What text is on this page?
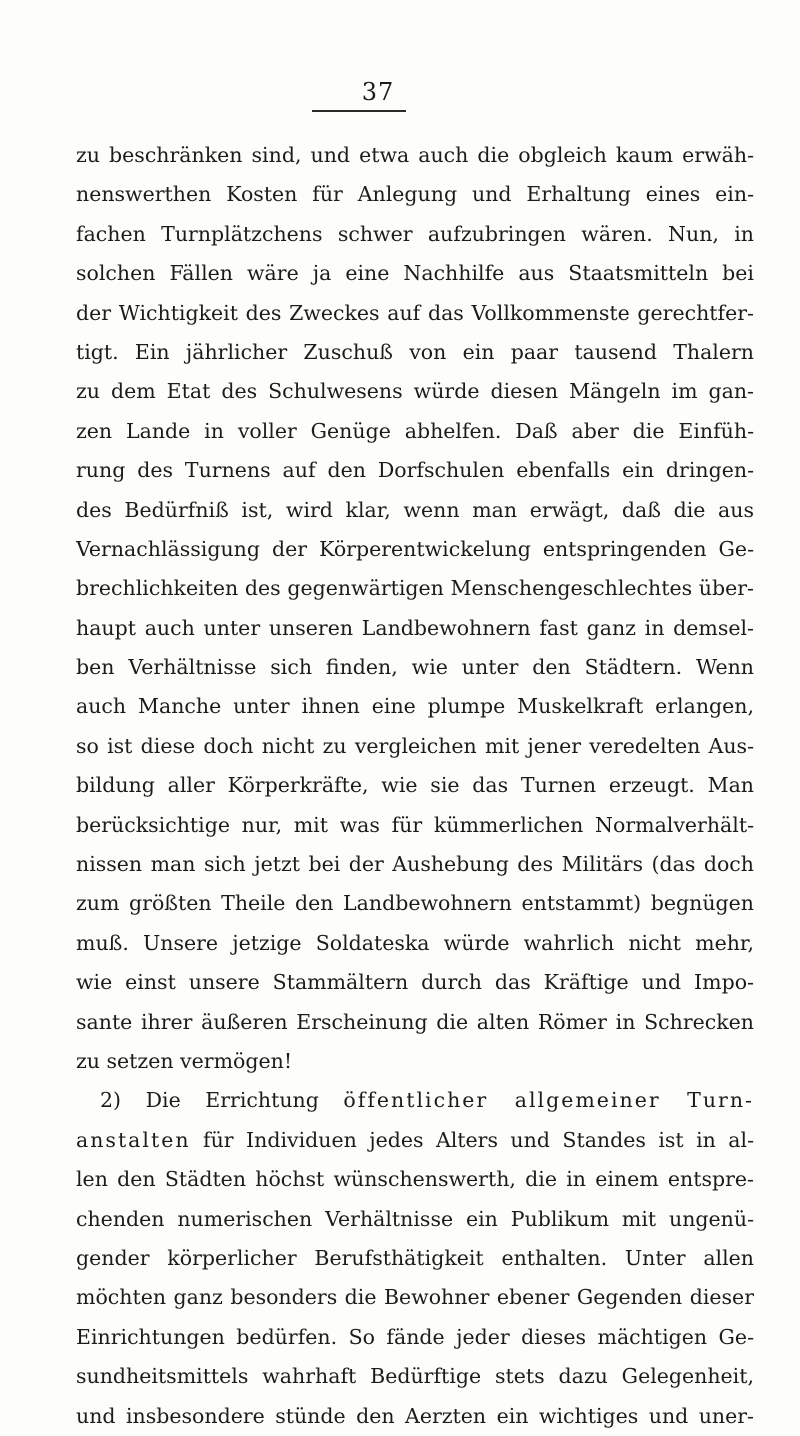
37
zu beschränken sind, und etwa auch die obgleich kaum erwäh-
nenswerthen Kosten für Anlegung und Erhaltung eines ein-
fachen Turnplätzchens schwer aufzubringen wären. Nun, in
solchen Fällen wäre ja eine Nachhilfe aus Staatsmitteln bei
der Wichtigkeit des Zweckes auf das Vollkommenste gerechtfer-
tigt. Ein jährlicher Zuschuß von ein paar tausend Thalern
zu dem Etat des Schulwesens würde diesen Mängeln im gan-
zen Lande in voller Genüge abhelfen. Daß aber die Einfüh-
rung des Turnens auf den Dorfschulen ebenfalls ein dringen-
des Bedürfniß ist, wird klar, wenn man erwägt, daß die aus
Vernachlässigung der Körperentwickelung entspringenden Ge-
brechlichkeiten des gegenwärtigen Menschengeschlechtes über-
haupt auch unter unseren Landbewohnern fast ganz in demsel-
ben Verhältnisse sich finden, wie unter den Städtern. Wenn
auch Manche unter ihnen eine plumpe Muskelkraft erlangen,
so ist diese doch nicht zu vergleichen mit jener veredelten Aus-
bildung aller Körperkräfte, wie sie das Turnen erzeugt. Man
berücksichtige nur, mit was für kümmerlichen Normalverhält-
nissen man sich jetzt bei der Aushebung des Militärs (das doch
zum größten Theile den Landbewohnern entstammt) begnügen
muß. Unsere jetzige Soldateska würde wahrlich nicht mehr,
wie einst unsere Stammältern durch das Kräftige und Impo-
sante ihrer äußeren Erscheinung die alten Römer in Schrecken
zu setzen vermögen!
2) Die Errichtung öffentlicher allgemeiner Turn-
anstalten für Individuen jedes Alters und Standes ist in al-
len den Städten höchst wünschenswerth, die in einem entspre-
chenden numerischen Verhältnisse ein Publikum mit ungenü-
gender körperlicher Berufsthätigkeit enthalten. Unter allen
möchten ganz besonders die Bewohner ebener Gegenden dieser
Einrichtungen bedürfen. So fände jeder dieses mächtigen Ge-
sundheitsmittels wahrhaft Bedürftige stets dazu Gelegenheit,
und insbesondere stünde den Aerzten ein wichtiges und uner-
